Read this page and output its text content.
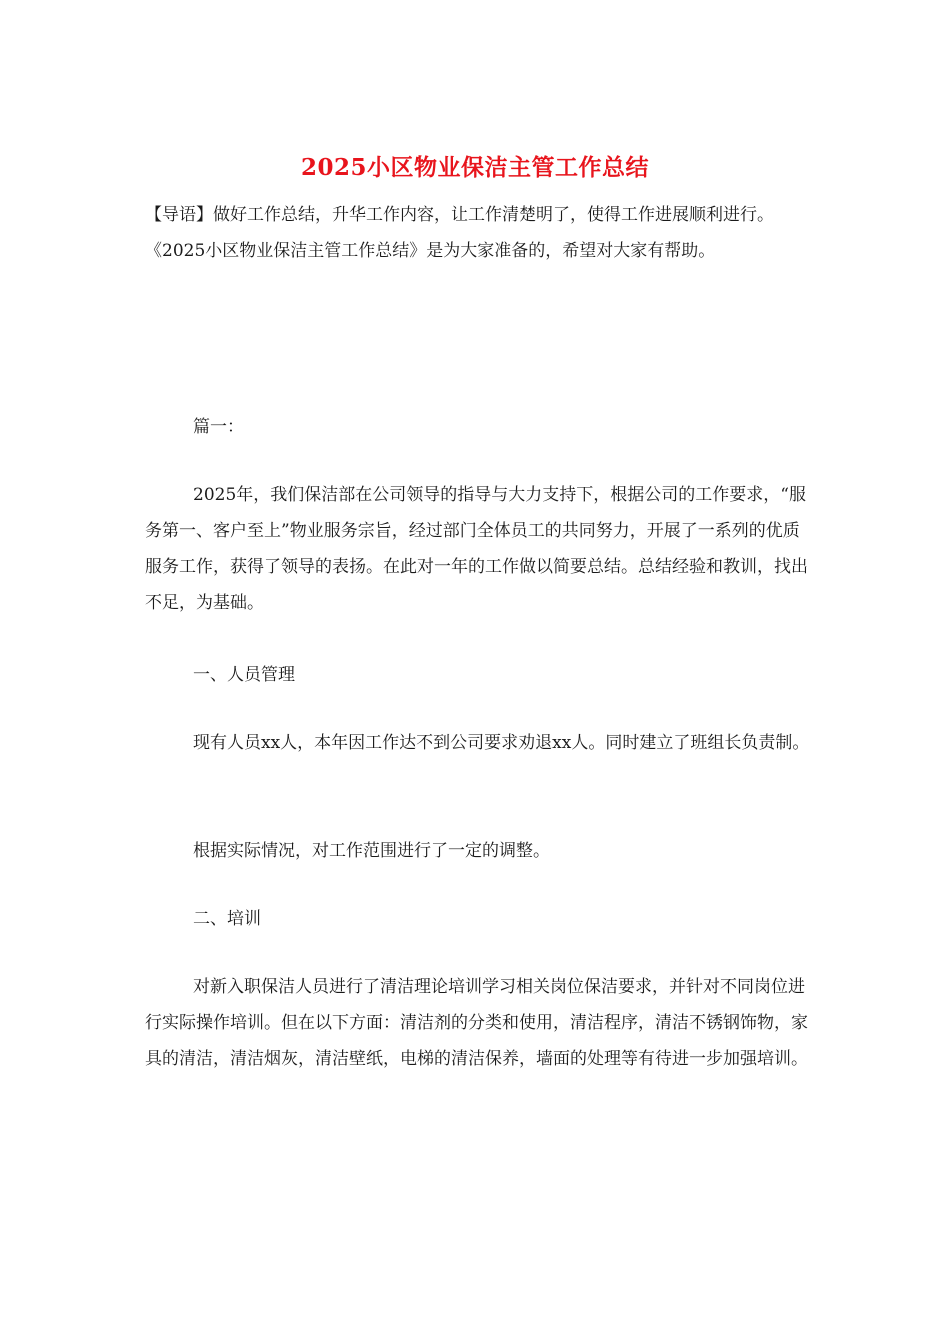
2025小区物业保洁主管工作总结

【导语】做好工作总结，升华工作内容，让工作清楚明了，使得工作进展顺利进行。《2025小区物业保洁主管工作总结》是为大家准备的，希望对大家有帮助。

篇一：

2025年，我们保洁部在公司领导的指导与大力支持下，根据公司的工作要求，“服务第一、客户至上”物业服务宗旨，经过部门全体员工的共同努力，开展了一系列的优质服务工作，获得了领导的表扬。在此对一年的工作做以简要总结。总结经验和教训，找出不足，为基础。

一、人员管理

现有人员xx人，本年因工作达不到公司要求劝退xx人。同时建立了班组长负责制。

根据实际情况，对工作范围进行了一定的调整。

二、培训

对新入职保洁人员进行了清洁理论培训学习相关岗位保洁要求，并针对不同岗位进行实际操作培训。但在以下方面：清洁剂的分类和使用，清洁程序，清洁不锈钢饰物，家具的清洁，清洁烟灰，清洁壁纸，电梯的清洁保养，墙面的处理等有待进一步加强培训。
